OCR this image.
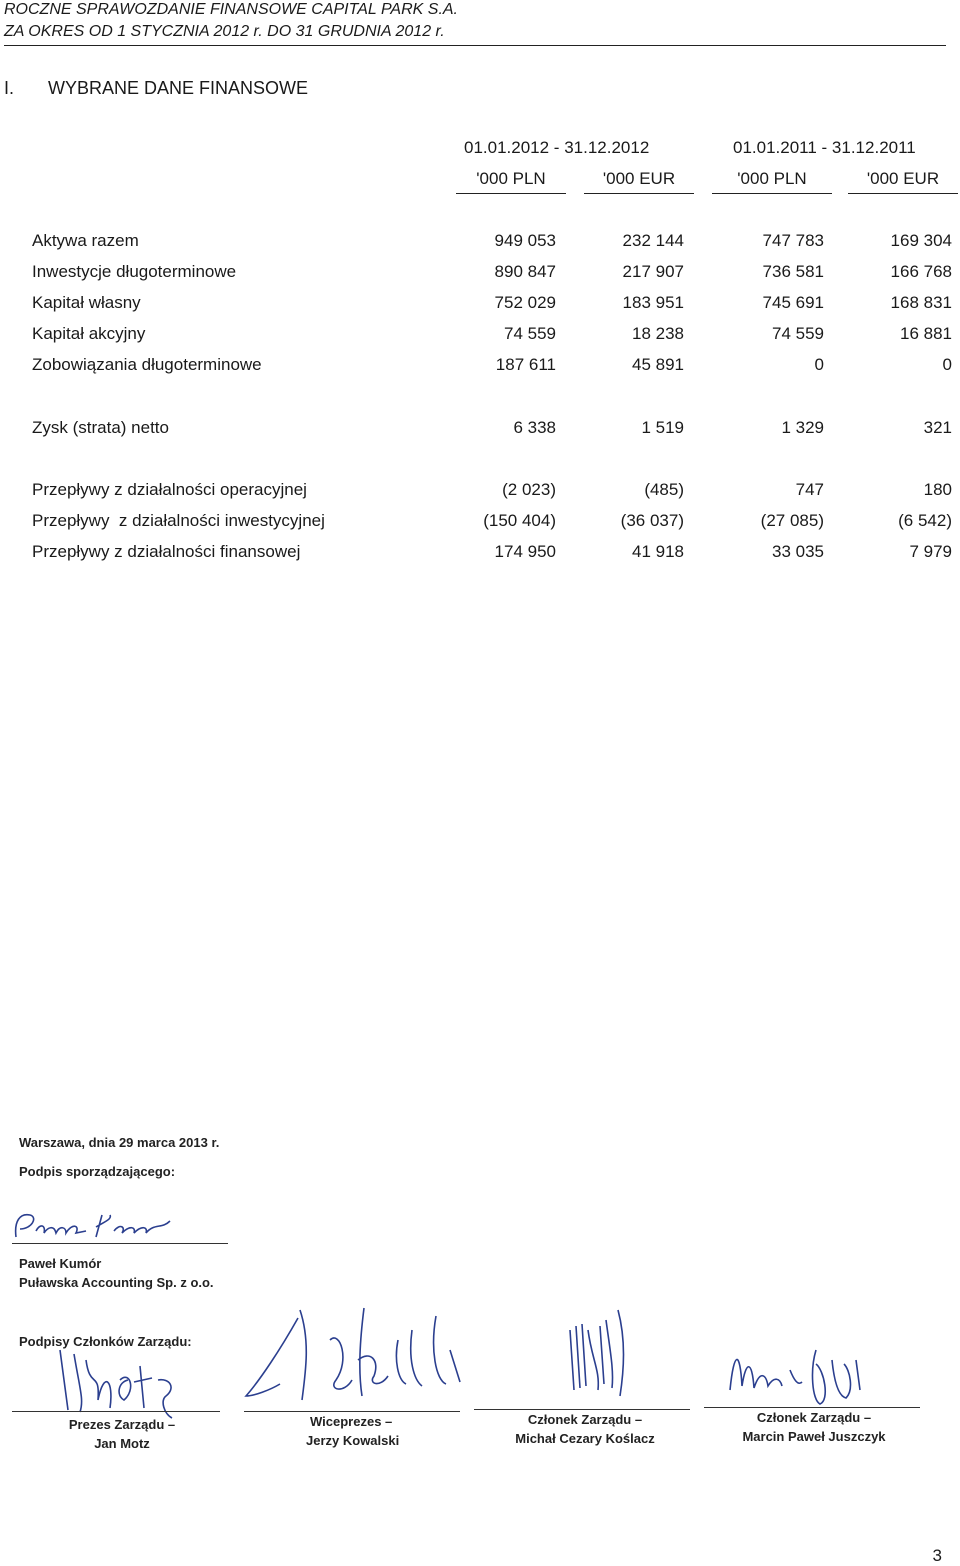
ROCZNE SPRAWOZDANIE FINANSOWE CAPITAL PARK S.A.
ZA OKRES OD 1 STYCZNIA 2012 r. DO 31 GRUDNIA 2012 r.
I. WYBRANE DANE FINANSOWE
01.01.2012 - 31.12.2012	01.01.2011 - 31.12.2011
'000 PLN	'000 EUR	'000 PLN	'000 EUR
Aktywa razem	949 053	232 144	747 783	169 304
Inwestycje długoterminowe	890 847	217 907	736 581	166 768
Kapitał własny	752 029	183 951	745 691	168 831
Kapitał akcyjny	74 559	18 238	74 559	16 881
Zobowiązania długoterminowe	187 611	45 891	0	0
Zysk (strata) netto	6 338	1 519	1 329	321
Przepływy z działalności operacyjnej	(2 023)	(485)	747	180
Przepływy  z działalności inwestycyjnej	(150 404)	(36 037)	(27 085)	(6 542)
Przepływy z działalności finansowej	174 950	41 918	33 035	7 979
Warszawa, dnia 29 marca 2013 r.
Podpis sporządzającego:
Paweł Kumór
Puławska Accounting Sp. z o.o.
Podpisy Członków Zarządu:
Prezes Zarządu –
Jan Motz
Wiceprezes –
Jerzy Kowalski
Członek Zarządu –
Michał Cezary Koślacz
Członek Zarządu –
Marcin Paweł Juszczyk
3
